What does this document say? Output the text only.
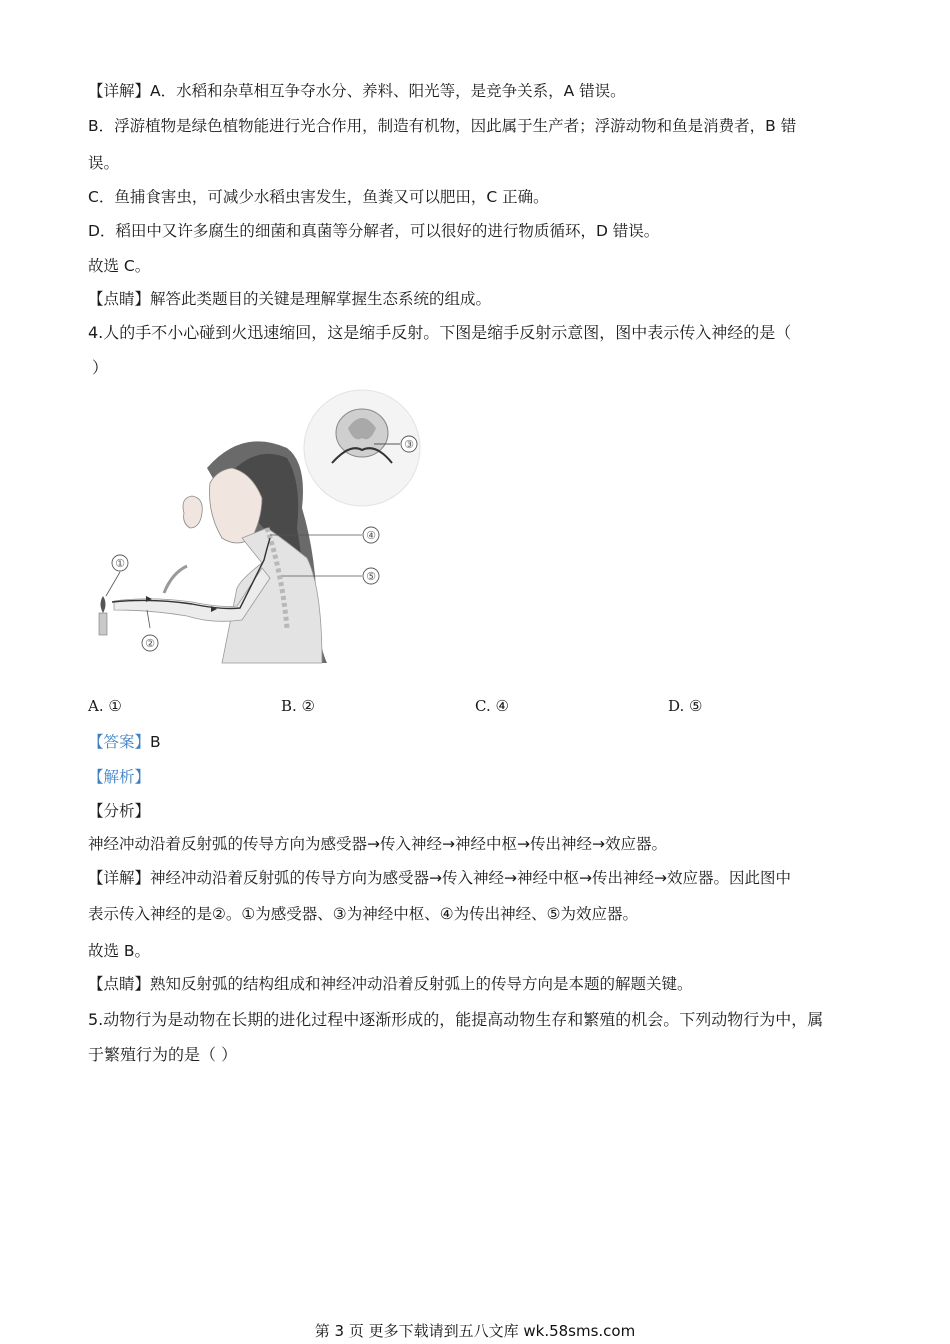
【详解】A．水稻和杂草相互争夺水分、养料、阳光等，是竞争关系，A 错误。
B．浮游植物是绿色植物能进行光合作用，制造有机物，因此属于生产者；浮游动物和鱼是消费者，B 错
误。
C．鱼捕食害虫，可减少水稻虫害发生，鱼粪又可以肥田，C 正确。
D．稻田中又许多腐生的细菌和真菌等分解者，可以很好的进行物质循环，D 错误。
故选 C。
【点睛】解答此类题目的关键是理解掌握生态系统的组成。
4.人的手不小心碰到火迅速缩回，这是缩手反射。下图是缩手反射示意图，图中表示传入神经的是（
）
①
②
③
④
⑤
A. ①	B. ②	C. ④	D. ⑤
【答案】B
【解析】
【分析】
神经冲动沿着反射弧的传导方向为感受器→传入神经→神经中枢→传出神经→效应器。
【详解】神经冲动沿着反射弧的传导方向为感受器→传入神经→神经中枢→传出神经→效应器。因此图中
表示传入神经的是②。①为感受器、③为神经中枢、④为传出神经、⑤为效应器。
故选 B。
【点睛】熟知反射弧的结构组成和神经冲动沿着反射弧上的传导方向是本题的解题关键。
5.动物行为是动物在长期的进化过程中逐渐形成的，能提高动物生存和繁殖的机会。下列动物行为中，属
于繁殖行为的是（ ）
第 3 页 更多下载请到五八文库 wk.58sms.com
